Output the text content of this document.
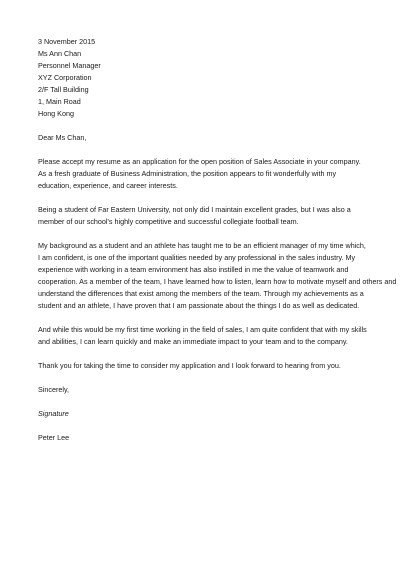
3 November 2015
Ms Ann Chan
Personnel Manager
XYZ Corporation
2/F Tall Building
1, Main Road
Hong Kong
Dear Ms Chan,
Please accept my resume as an application for the open position of Sales Associate in your company.
As a fresh graduate of Business Administration, the position appears to fit wonderfully with my
education, experience, and career interests.
Being a student of Far Eastern University, not only did I maintain excellent grades, but I was also a
member of our school's highly competitive and successful collegiate football team.
My background as a student and an athlete has taught me to be an efficient manager of my time which,
I am confident, is one of the important qualities needed by any professional in the sales industry. My
experience with working in a team environment has also instilled in me the value of teamwork and
cooperation. As a member of the team, I have learned how to listen, learn how to motivate myself and others and
understand the differences that exist among the members of the team. Through my achievements as a
student and an athlete, I have proven that I am passionate about the things I do as well as dedicated.
And while this would be my first time working in the field of sales, I am quite confident that with my skills
and abilities, I can learn quickly and make an immediate impact to your team and to the company.
Thank you for taking the time to consider my application and I look forward to hearing from you.
Sincerely,
Signature
Peter Lee
